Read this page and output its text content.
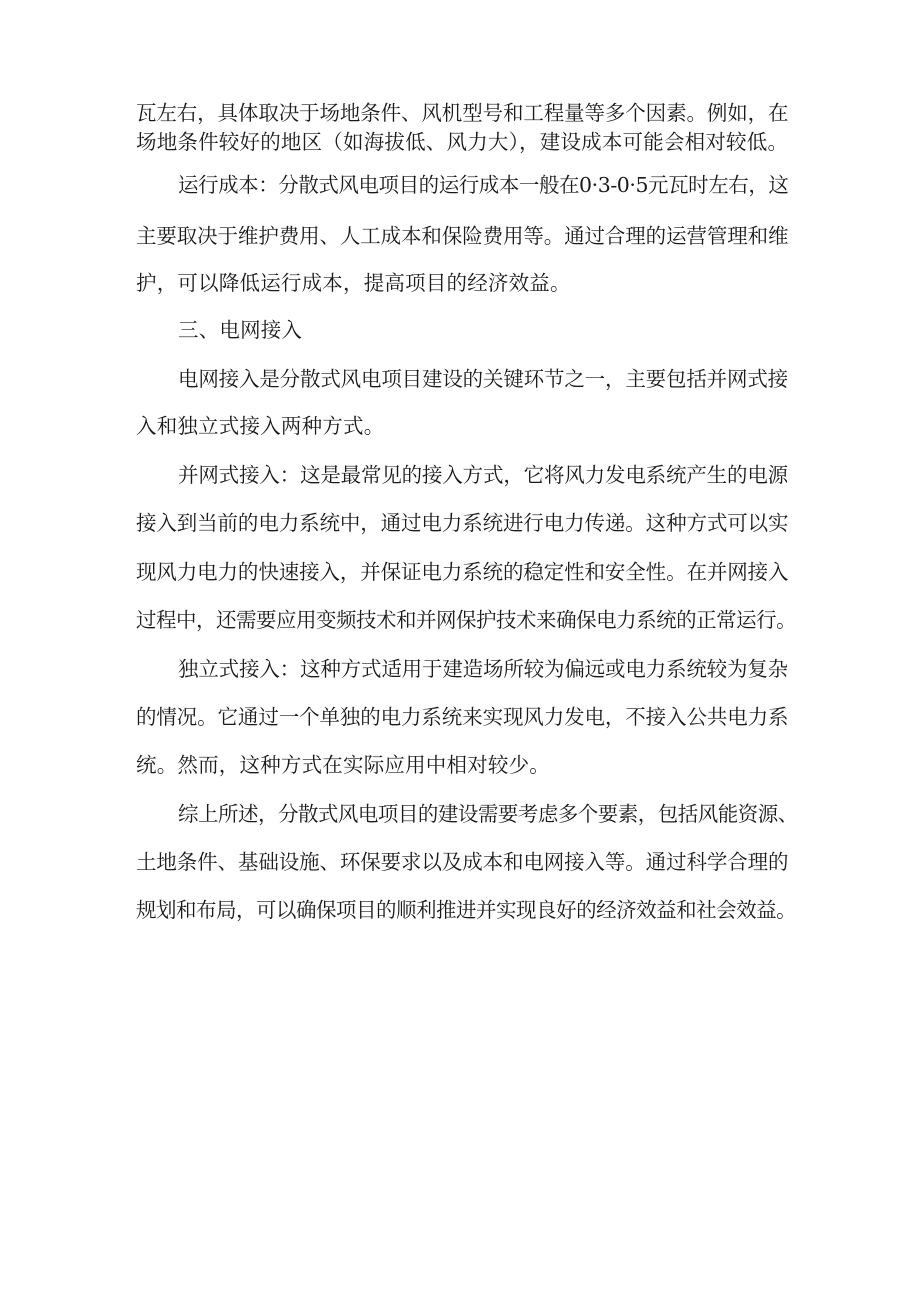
瓦左右，具体取决于场地条件、风机型号和工程量等多个因素。例如，在
场地条件较好的地区（如海拔低、风力大），建设成本可能会相对较低。
运行成本：分散式风电项目的运行成本一般在0·3-0·5元瓦时左右，这
主要取决于维护费用、人工成本和保险费用等。通过合理的运营管理和维
护，可以降低运行成本，提高项目的经济效益。
三、电网接入
电网接入是分散式风电项目建设的关键环节之一，主要包括并网式接
入和独立式接入两种方式。
并网式接入：这是最常见的接入方式，它将风力发电系统产生的电源
接入到当前的电力系统中，通过电力系统进行电力传递。这种方式可以实
现风力电力的快速接入，并保证电力系统的稳定性和安全性。在并网接入
过程中，还需要应用变频技术和并网保护技术来确保电力系统的正常运行。
独立式接入：这种方式适用于建造场所较为偏远或电力系统较为复杂
的情况。它通过一个单独的电力系统来实现风力发电，不接入公共电力系
统。然而，这种方式在实际应用中相对较少。
综上所述，分散式风电项目的建设需要考虑多个要素，包括风能资源、
土地条件、基础设施、环保要求以及成本和电网接入等。通过科学合理的
规划和布局，可以确保项目的顺利推进并实现良好的经济效益和社会效益。
